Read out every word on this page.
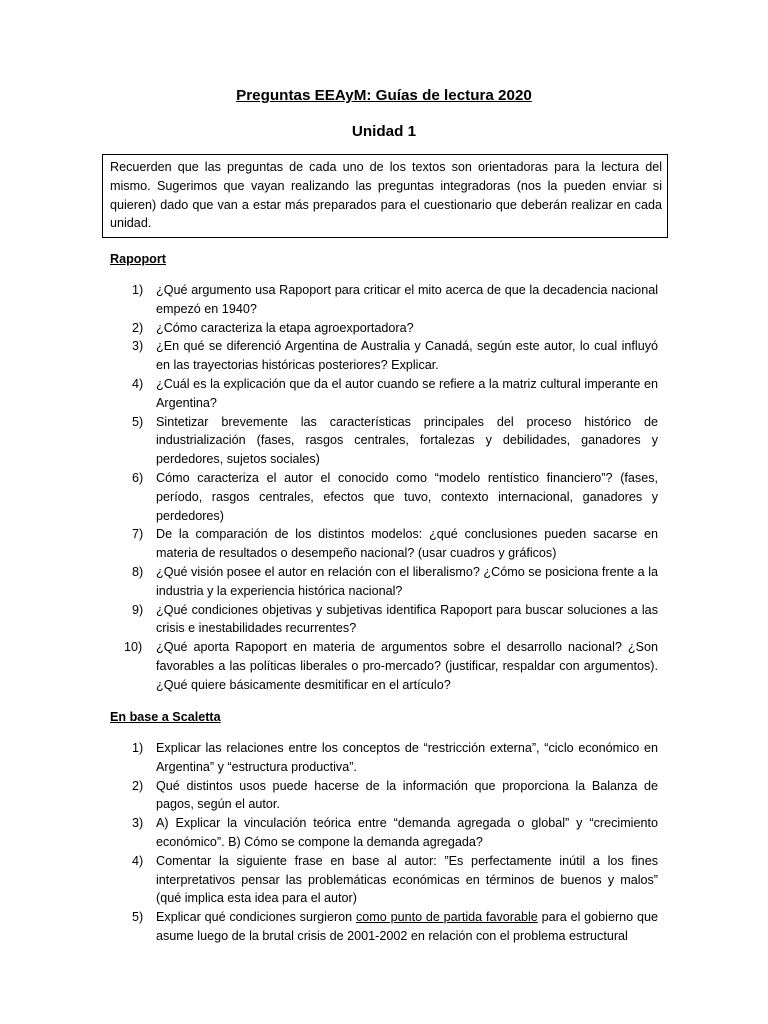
Preguntas EEAyM: Guías de lectura 2020
Unidad 1
Recuerden que las preguntas de cada uno de los textos son orientadoras para la lectura del mismo. Sugerimos que vayan realizando las preguntas integradoras (nos la pueden enviar si quieren) dado que van a estar más preparados para el cuestionario que deberán realizar en cada unidad.
Rapoport
1)	¿Qué argumento usa Rapoport para criticar el mito acerca de que la decadencia nacional empezó en 1940?
2)	¿Cómo caracteriza la etapa agroexportadora?
3)	¿En qué se diferenció Argentina de Australia y Canadá, según este autor, lo cual influyó en las trayectorias históricas posteriores? Explicar.
4)	¿Cuál es la explicación que da el autor cuando se refiere a la matriz cultural imperante en Argentina?
5)	Sintetizar brevemente las características principales del proceso histórico de industrialización (fases, rasgos centrales, fortalezas y debilidades, ganadores y perdedores, sujetos sociales)
6)	Cómo caracteriza el autor el conocido como “modelo rentístico financiero”? (fases, período, rasgos centrales, efectos que tuvo, contexto internacional, ganadores y perdedores)
7)	De la comparación de los distintos modelos: ¿qué conclusiones pueden sacarse en materia de resultados o desempeño nacional? (usar cuadros y gráficos)
8)	¿Qué visión posee el autor en relación con el liberalismo? ¿Cómo se posiciona frente a la industria y la experiencia histórica nacional?
9)	¿Qué condiciones objetivas y subjetivas identifica Rapoport para buscar soluciones a las crisis e inestabilidades recurrentes?
10)	¿Qué aporta Rapoport en materia de argumentos sobre el desarrollo nacional? ¿Son favorables a las políticas liberales o pro-mercado? (justificar, respaldar con argumentos). ¿Qué quiere básicamente desmitificar en el artículo?
En base a Scaletta
1)	Explicar las relaciones entre los conceptos de “restricción externa”, “ciclo económico en Argentina” y “estructura productiva”.
2)	Qué distintos usos puede hacerse de la información que proporciona la Balanza de pagos, según el autor.
3)	A) Explicar la vinculación teórica entre “demanda agregada o global” y “crecimiento económico”. B) Cómo se compone la demanda agregada?
4)	Comentar la siguiente frase en base al autor: ”Es perfectamente inútil a los fines interpretativos pensar las problemáticas económicas en términos de buenos y malos” (qué implica esta idea para el autor)
5)	Explicar qué condiciones surgieron como punto de partida favorable para el gobierno que asume luego de la brutal crisis de 2001-2002 en relación con el problema estructural
